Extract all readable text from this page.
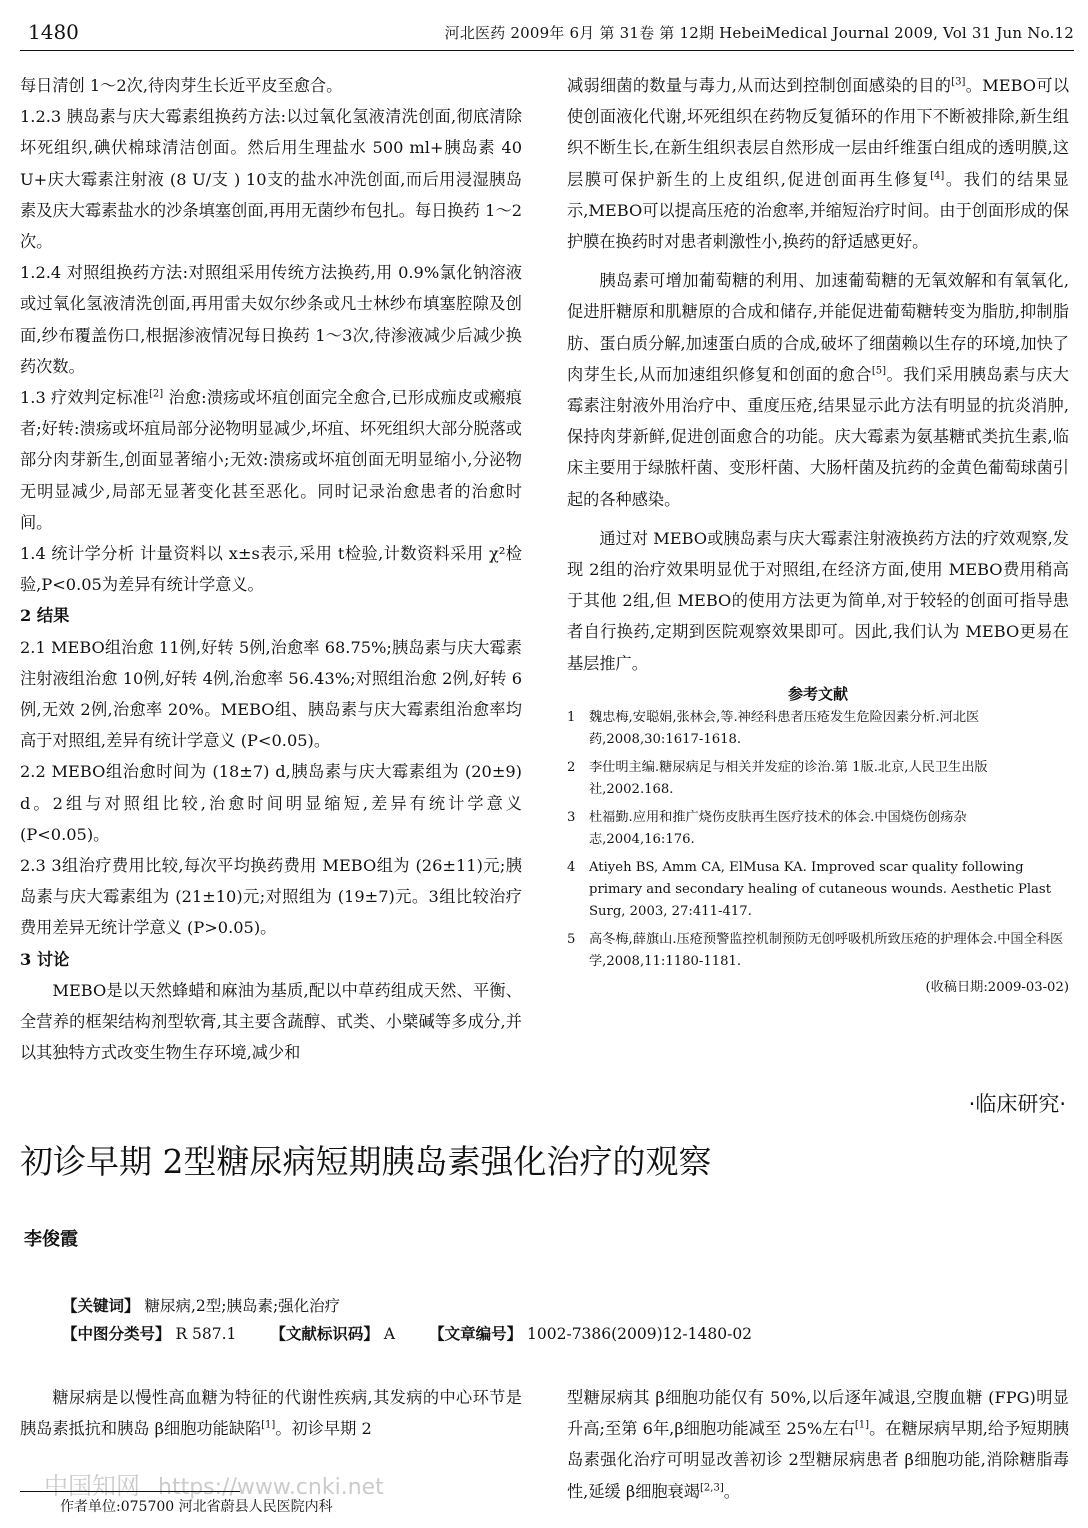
1480	河北医药 2009年 6月 第 31卷 第 12期 HebeiMedical Journal 2009, Vol 31 Jun No.12

每日清创 1～2次,待肉芽生长近平皮至愈合。

1.2.3 胰岛素与庆大霉素组换药方法:以过氧化氢液清洗创面,彻底清除坏死组织,碘伏棉球清洁创面。然后用生理盐水 500 ml+胰岛素 40 U+庆大霉素注射液 (8 U/支 ) 10支的盐水冲洗创面,而后用浸湿胰岛素及庆大霉素盐水的沙条填塞创面,再用无菌纱布包扎。每日换药 1～2次。

1.2.4 对照组换药方法:对照组采用传统方法换药,用 0.9%氯化钠溶液或过氧化氢液清洗创面,再用雷夫奴尔纱条或凡士林纱布填塞腔隙及创面,纱布覆盖伤口,根据渗液情况每日换药 1～3次,待渗液减少后减少换药次数。

1.3 疗效判定标准[2] 治愈:溃疡或坏疽创面完全愈合,已形成痂皮或瘢痕者;好转:溃疡或坏疽局部分泌物明显减少,坏疽、坏死组织大部分脱落或部分肉芽新生,创面显著缩小;无效:溃疡或坏疽创面无明显缩小,分泌物无明显减少,局部无显著变化甚至恶化。同时记录治愈患者的治愈时间。

1.4 统计学分析 计量资料以 x±s表示,采用 t检验,计数资料采用 χ²检验,P<0.05为差异有统计学意义。

2 结果

2.1 MEBO组治愈 11例,好转 5例,治愈率 68.75%;胰岛素与庆大霉素注射液组治愈 10例,好转 4例,治愈率 56.43%;对照组治愈 2例,好转 6例,无效 2例,治愈率 20%。MEBO组、胰岛素与庆大霉素组治愈率均高于对照组,差异有统计学意义 (P<0.05)。

2.2 MEBO组治愈时间为 (18±7) d,胰岛素与庆大霉素组为 (20±9) d。2组与对照组比较,治愈时间明显缩短,差异有统计学意义 (P<0.05)。

2.3 3组治疗费用比较,每次平均换药费用 MEBO组为 (26±11)元;胰岛素与庆大霉素组为 (21±10)元;对照组为 (19±7)元。3组比较治疗费用差异无统计学意义 (P>0.05)。

3 讨论

MEBO是以天然蜂蜡和麻油为基质,配以中草药组成天然、平衡、全营养的框架结构剂型软膏,其主要含蔬醇、甙类、小檗碱等多成分,并以其独特方式改变生物生存环境,减少和

减弱细菌的数量与毒力,从而达到控制创面感染的目的[3]。MEBO可以使创面液化代谢,坏死组织在药物反复循环的作用下不断被排除,新生组织不断生长,在新生组织表层自然形成一层由纤维蛋白组成的透明膜,这层膜可保护新生的上皮组织,促进创面再生修复[4]。我们的结果显示,MEBO可以提高压疮的治愈率,并缩短治疗时间。由于创面形成的保护膜在换药时对患者刺激性小,换药的舒适感更好。

胰岛素可增加葡萄糖的利用、加速葡萄糖的无氧效解和有氧氧化,促进肝糖原和肌糖原的合成和储存,并能促进葡萄糖转变为脂肪,抑制脂肪、蛋白质分解,加速蛋白质的合成,破坏了细菌赖以生存的环境,加快了肉芽生长,从而加速组织修复和创面的愈合[5]。我们采用胰岛素与庆大霉素注射液外用治疗中、重度压疮,结果显示此方法有明显的抗炎消肿,保持肉芽新鲜,促进创面愈合的功能。庆大霉素为氨基糖甙类抗生素,临床主要用于绿脓杆菌、变形杆菌、大肠杆菌及抗药的金黄色葡萄球菌引起的各种感染。

通过对 MEBO或胰岛素与庆大霉素注射液换药方法的疗效观察,发现 2组的治疗效果明显优于对照组,在经济方面,使用 MEBO费用稍高于其他 2组,但 MEBO的使用方法更为简单,对于较轻的创面可指导患者自行换药,定期到医院观察效果即可。因此,我们认为 MEBO更易在基层推广。

参考文献
1 魏忠梅,安聪娟,张林会,等.神经科患者压疮发生危险因素分析.河北医药,2008,30:1617-1618.
2 李仕明主编.糖尿病足与相关并发症的诊治.第 1版.北京,人民卫生出版社,2002.168.
3 杜福勤.应用和推广烧伤皮肤再生医疗技术的体会.中国烧伤创疡杂志,2004,16:176.
4 Atiyeh BS, Amm CA, ElMusa KA. Improved scar quality following primary and secondary healing of cutaneous wounds. Aesthetic Plast Surg, 2003, 27:411-417.
5 高冬梅,薛旗山.压疮预警监控机制预防无创呼吸机所致压疮的护理体会.中国全科医学,2008,11:1180-1181.
(收稿日期:2009-03-02)
·临床研究·
初诊早期 2型糖尿病短期胰岛素强化治疗的观察
李俊霞
【关键词】 糖尿病,2型;胰岛素;强化治疗
【中图分类号】 R 587.1 【文献标识码】 A 【文章编号】 1002-7386(2009)12-1480-02

糖尿病是以慢性高血糖为特征的代谢性疾病,其发病的中心环节是胰岛素抵抗和胰岛 β细胞功能缺陷[1]。初诊早期 2

型糖尿病其 β细胞功能仅有 50%,以后逐年减退,空腹血糖 (FPG)明显升高;至第 6年,β细胞功能减至 25%左右[1]。在糖尿病早期,给予短期胰岛素强化治疗可明显改善初诊 2型糖尿病患者 β细胞功能,消除糖脂毒性,延缓 β细胞衰竭[2,3]。

中国知网 https://www.cnki.net
作者单位:075700 河北省蔚县人民医院内科
